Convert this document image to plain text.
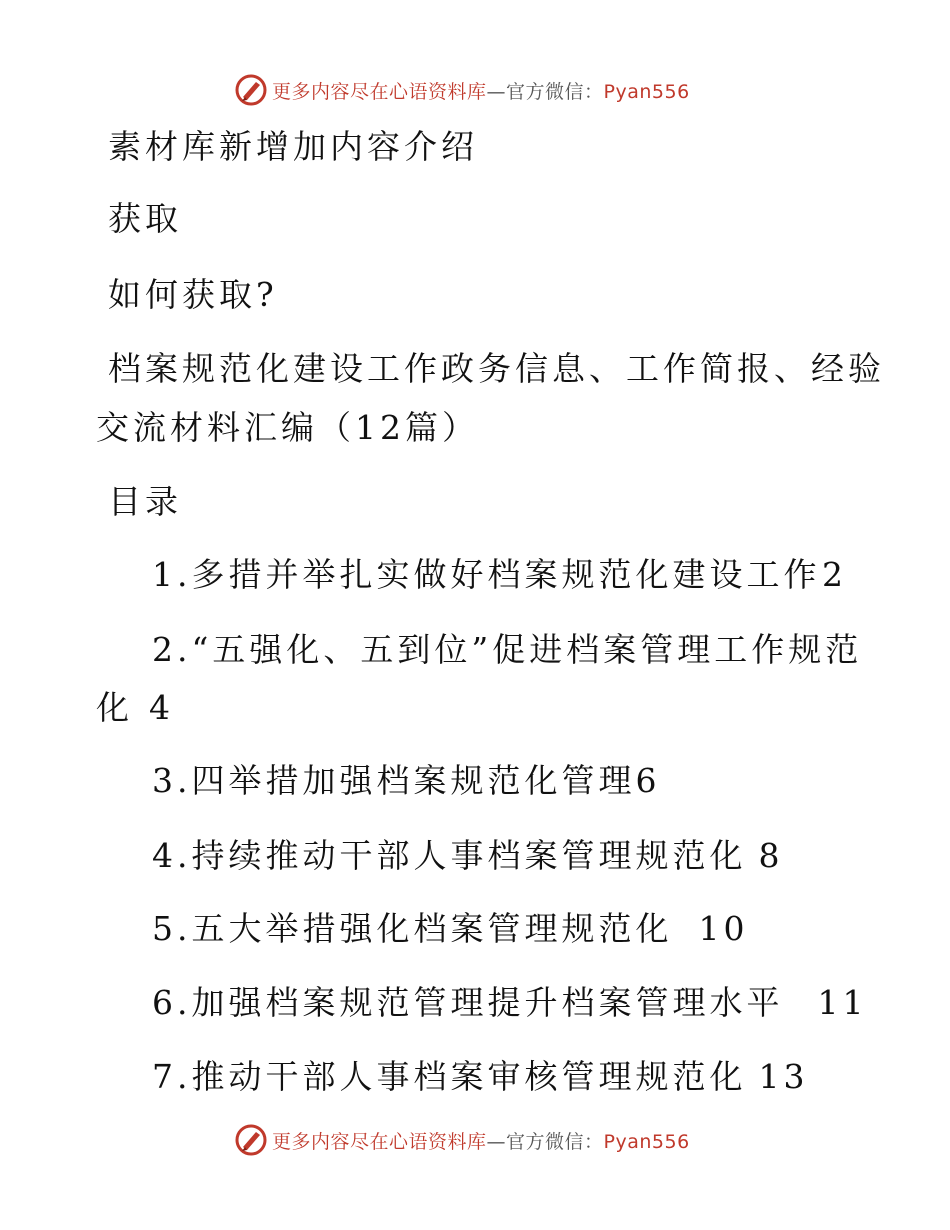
更多内容尽在心语资料库—官方微信：Pyan556
素材库新增加内容介绍
获取
如何获取?
档案规范化建设工作政务信息、工作简报、经验
交流材料汇编（12篇）
目录
1.多措并举扎实做好档案规范化建设工作 2
2.“五强化、五到位”促进档案管理工作规范
化 4
3.四举措加强档案规范化管理6
4.持续推动干部人事档案管理规范化 8
5.五大举措强化档案管理规范化 10
6.加强档案规范管理提升档案管理水平 11
7.推动干部人事档案审核管理规范化 13
更多内容尽在心语资料库—官方微信：Pyan556
